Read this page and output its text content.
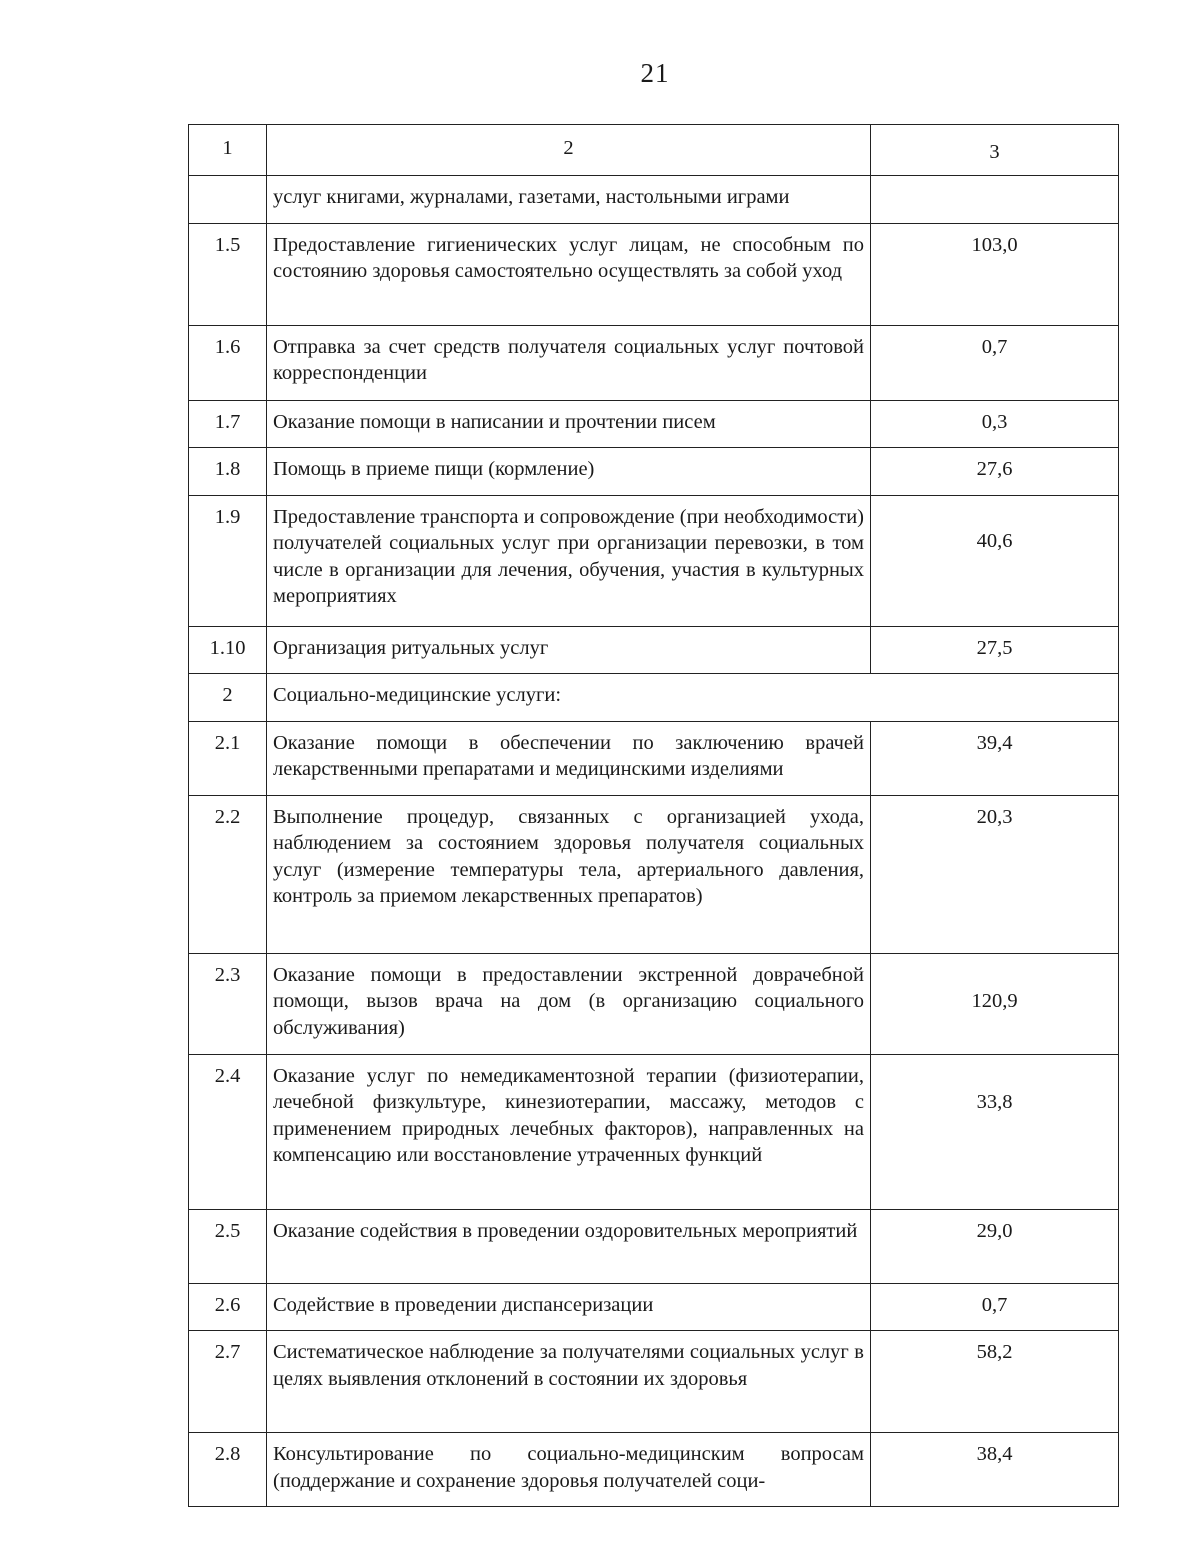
21
1	2	3
	услуг книгами, журналами, газетами, настольными играми	
1.5	Предоставление гигиенических услуг лицам, не способным по состоянию здоровья самостоятельно осуществлять за собой уход	103,0
1.6	Отправка за счет средств получателя социальных услуг почтовой корреспонденции	0,7
1.7	Оказание помощи в написании и прочтении писем	0,3
1.8	Помощь в приеме пищи (кормление)	27,6
1.9	Предоставление транспорта и сопровождение (при необходимости) получателей социальных услуг при организации перевозки, в том числе в организации для лечения, обучения, участия в культурных мероприятиях	40,6
1.10	Организация ритуальных услуг	27,5
2	Социально-медицинские услуги:	
2.1	Оказание помощи в обеспечении по заключению врачей лекарственными препаратами и медицинскими изделиями	39,4
2.2	Выполнение процедур, связанных с организацией ухода, наблюдением за состоянием здоровья получателя социальных услуг (измерение температуры тела, артериального давления, контроль за приемом лекарственных препаратов)	20,3
2.3	Оказание помощи в предоставлении экстренной доврачебной помощи, вызов врача на дом (в организацию социального обслуживания)	120,9
2.4	Оказание услуг по немедикаментозной терапии (физиотерапии, лечебной физкультуре, кинезиотерапии, массажу, методов с применением природных лечебных факторов), направленных на компенсацию или восстановление утраченных функций	33,8
2.5	Оказание содействия в проведении оздоровительных мероприятий	29,0
2.6	Содействие в проведении диспансеризации	0,7
2.7	Систематическое наблюдение за получателями социальных услуг в целях выявления отклонений в состоянии их здоровья	58,2
2.8	Консультирование по социально-медицинским вопросам (поддержание и сохранение здоровья получателей соци-	38,4
